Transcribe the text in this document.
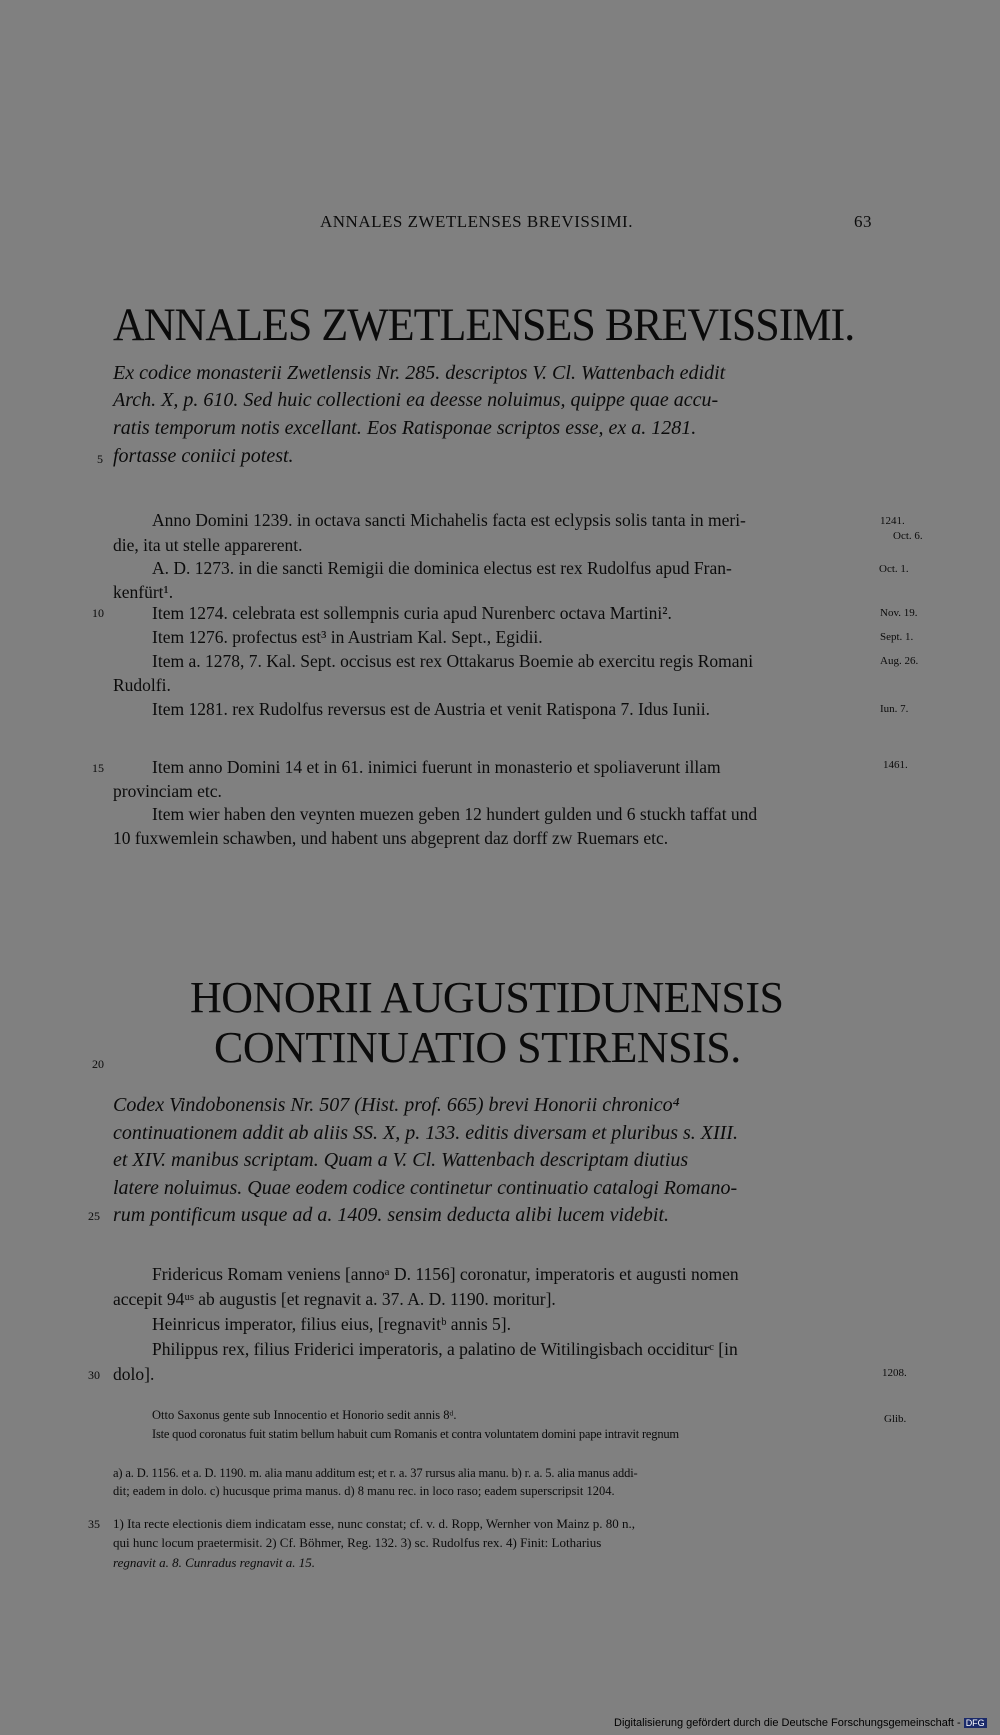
ANNALES ZWETLENSES BREVISSIMI.	63
ANNALES ZWETLENSES BREVISSIMI.
Ex codice monasterii Zwetlensis Nr. 285. descriptos V. Cl. Wattenbach edidit
Arch. X, p. 610. Sed huic collectioni ea deesse noluimus, quippe quae accu-
ratis temporum notis excellant. Eos Ratisponae scriptos esse, ex a. 1281.
fortasse coniici potest.
Anno Domini 1239. in octava sancti Michahelis facta est eclypsis solis tanta in meri-
die, ita ut stelle apparerent.
A. D. 1273. in die sancti Remigii die dominica electus est rex Rudolfus apud Fran-
kenfürt¹.
Item 1274. celebrata est sollempnis curia apud Nurenberc octava Martini².
Item 1276. profectus est³ in Austriam Kal. Sept., Egidii.
Item a. 1278, 7. Kal. Sept. occisus est rex Ottakarus Boemie ab exercitu regis Romani
Rudolfi.
Item 1281. rex Rudolfus reversus est de Austria et venit Ratispona 7. Idus Iunii.
Item anno Domini 14 et in 61. inimici fuerunt in monasterio et spoliaverunt illam
provinciam etc.
Item wier haben den veynten muezen geben 12 hundert gulden und 6 stuckh taffat und
10 fuxwemlein schawben, und habent uns abgeprent daz dorff zw Ruemars etc.
1241.
Oct. 6.
Oct. 1.
Nov. 19.
Sept. 1.
Aug. 26.
Iun. 7.
1461.
HONORII AUGUSTIDUNENSIS
CONTINUATIO STIRENSIS.
Codex Vindobonensis Nr. 507 (Hist. prof. 665) brevi Honorii chronico⁴
continuationem addit ab aliis SS. X, p. 133. editis diversam et pluribus s. XIII.
et XIV. manibus scriptam. Quam a V. Cl. Wattenbach descriptam diutius
latere noluimus. Quae eodem codice continetur continuatio catalogi Romano-
rum pontificum usque ad a. 1409. sensim deducta alibi lucem videbit.
Fridericus Romam veniens [annoᵃ D. 1156] coronatur, imperatoris et augusti nomen
accepit 94ᵘˢ ab augustis [et regnavit a. 37. A. D. 1190. moritur].
Heinricus imperator, filius eius, [regnavitᵇ annis 5].
Philippus rex, filius Friderici imperatoris, a palatino de Witilingisbach occiditurᶜ [in
dolo].
Otto Saxonus gente sub Innocentio et Honorio sedit annis 8ᵈ.
Iste quod coronatus fuit statim bellum habuit cum Romanis et contra voluntatem domini pape intravit regnum
1208.
Glib.
5
10
15
20
25
30
35
a) a. D. 1156. et a. D. 1190. m. alia manu additum est; et r. a. 37 rursus alia manu. b) r. a. 5. alia manus addi-
dit; eadem in dolo. c) hucusque prima manus. d) 8 manu rec. in loco raso; eadem superscripsit 1204.
1) Ita recte electionis diem indicatam esse, nunc constat; cf. v. d. Ropp, Wernher von Mainz p. 80 n.,
qui hunc locum praetermisit. 2) Cf. Böhmer, Reg. 132. 3) sc. Rudolfus rex. 4) Finit: Lotharius
regnavit a. 8. Cunradus regnavit a. 15.
Digitalisierung gefördert durch die Deutsche Forschungsgemeinschaft - DFG
